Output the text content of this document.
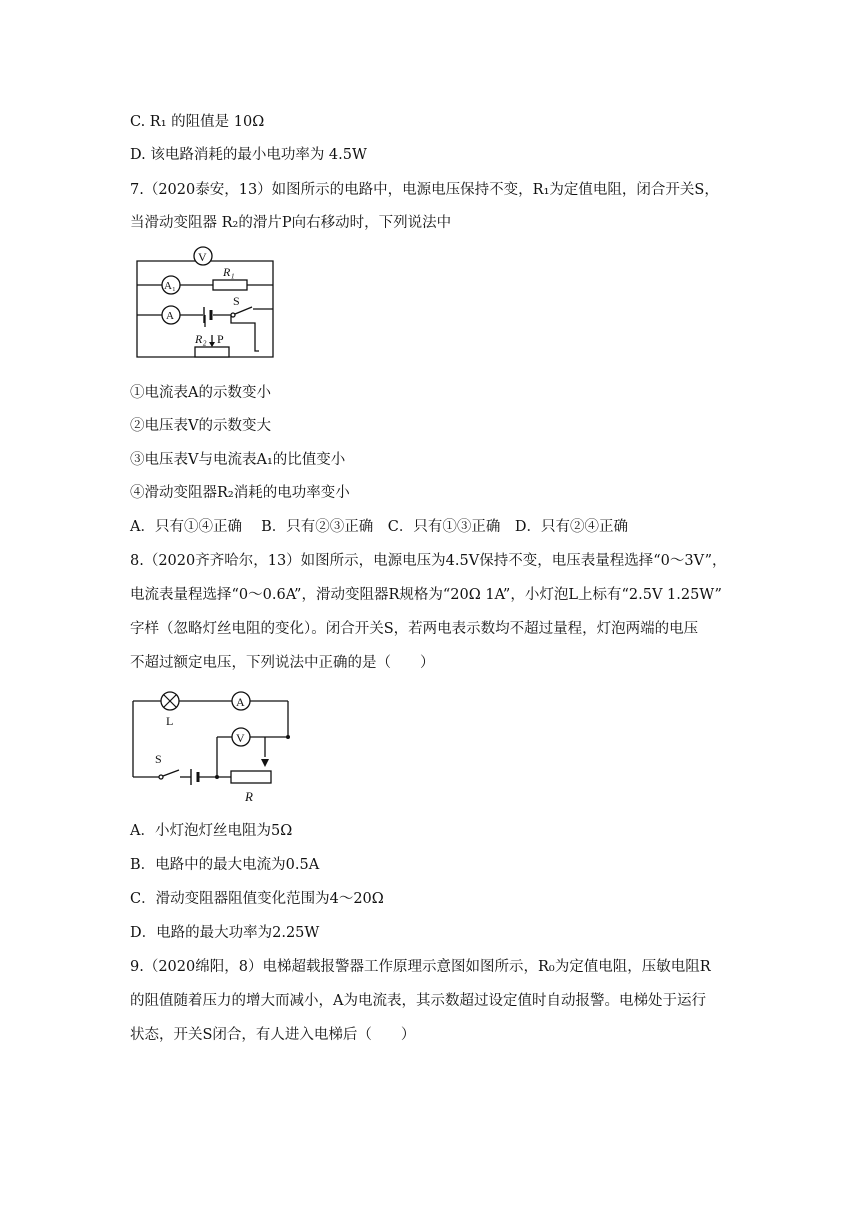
C. R₁ 的阻值是 10Ω
D. 该电路消耗的最小电功率为 4.5W
7.（2020泰安，13）如图所示的电路中，电源电压保持不变，R₁为定值电阻，闭合开关S，
当滑动变阻器 R₂的滑片P向右移动时，下列说法中
V
A₁
R₁
A
S
R₂ P
①电流表A的示数变小
②电压表V的示数变大
③电压表V与电流表A₁的比值变小
④滑动变阻器R₂消耗的电功率变小
A．只有①④正确　 B．只有②③正确　C．只有①③正确　D．只有②④正确
8.（2020齐齐哈尔，13）如图所示，电源电压为4.5V保持不变，电压表量程选择“0～3V”，
电流表量程选择“0～0.6A”，滑动变阻器R规格为“20Ω 1A”，小灯泡L上标有“2.5V 1.25W”
字样（忽略灯丝电阻的变化）。闭合开关S，若两电表示数均不超过量程，灯泡两端的电压
不超过额定电压，下列说法中正确的是（　　）
L
A
V
S
R
A．小灯泡灯丝电阻为5Ω
B．电路中的最大电流为0.5A
C．滑动变阻器阻值变化范围为4～20Ω
D．电路的最大功率为2.25W
9.（2020绵阳，8）电梯超载报警器工作原理示意图如图所示，R₀为定值电阻，压敏电阻R
的阻值随着压力的增大而减小，A为电流表，其示数超过设定值时自动报警。电梯处于运行
状态，开关S闭合，有人进入电梯后（　　）
